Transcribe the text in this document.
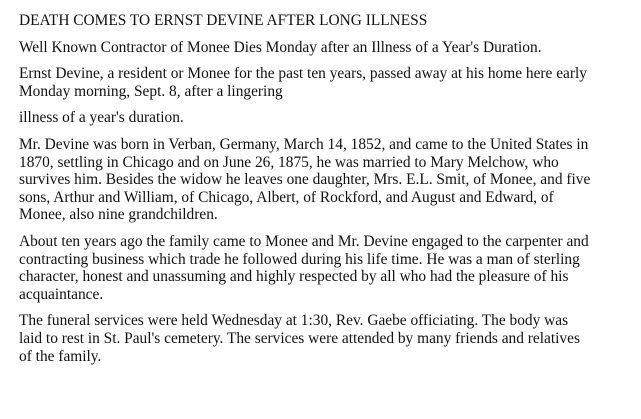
DEATH COMES TO ERNST DEVINE AFTER LONG ILLNESS

Well Known Contractor of Monee Dies Monday after an Illness of a Year's Duration.

Ernst Devine, a resident or Monee for the past ten years, passed away at his home here early
Monday morning, Sept. 8, after a lingering

illness of a year's duration.

Mr. Devine was born in Verban, Germany, March 14, 1852, and came to the United States in
1870, settling in Chicago and on June 26, 1875, he was married to Mary Melchow, who
survives him. Besides the widow he leaves one daughter, Mrs. E.L. Smit, of Monee, and five
sons, Arthur and William, of Chicago, Albert, of Rockford, and August and Edward, of
Monee, also nine grandchildren.

About ten years ago the family came to Monee and Mr. Devine engaged to the carpenter and
contracting business which trade he followed during his life time. He was a man of sterling
character, honest and unassuming and highly respected by all who had the pleasure of his
acquaintance.

The funeral services were held Wednesday at 1:30, Rev. Gaebe officiating. The body was
laid to rest in St. Paul's cemetery. The services were attended by many friends and relatives
of the family.
